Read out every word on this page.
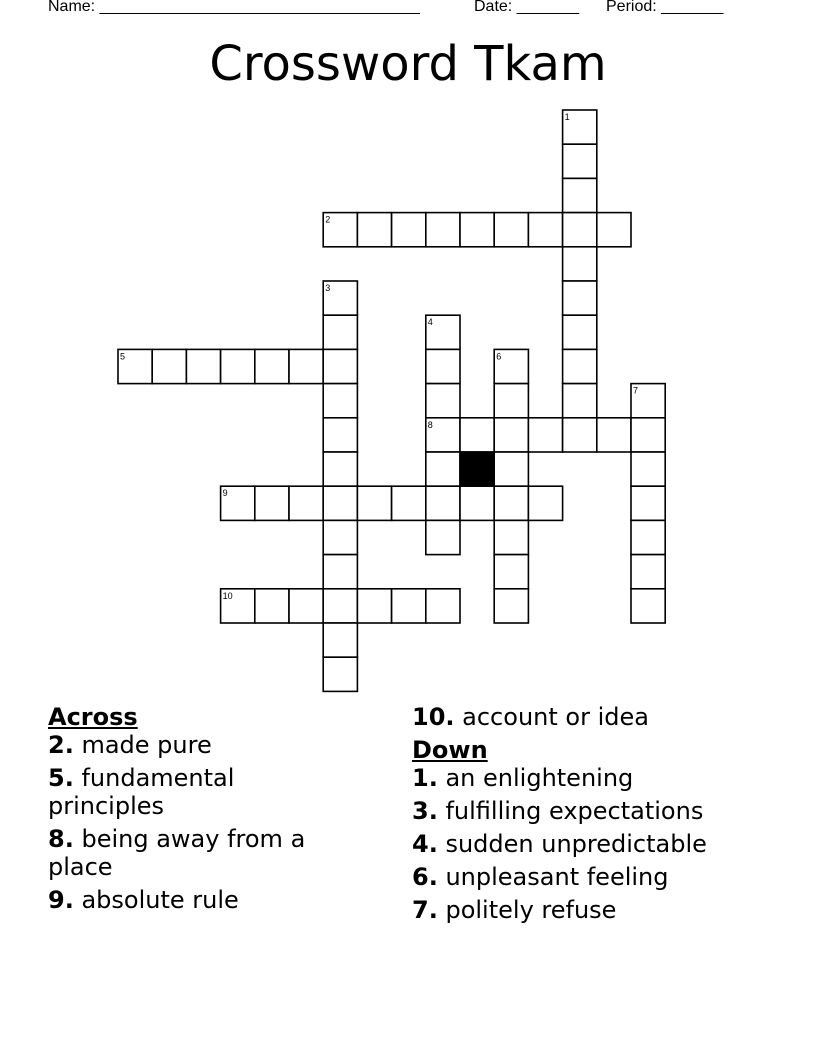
Name: ____________________________________	Date: _______ Period: _______
Crossword Tkam
1
2
3
4
5	6
7
8
9
10

Across

2. made pure

5. fundamental principles

8. being away from a place

9. absolute rule

10. account or idea

Down

1. an enlightening

3. fulfilling expectations

4. sudden unpredictable

6. unpleasant feeling

7. politely refuse
